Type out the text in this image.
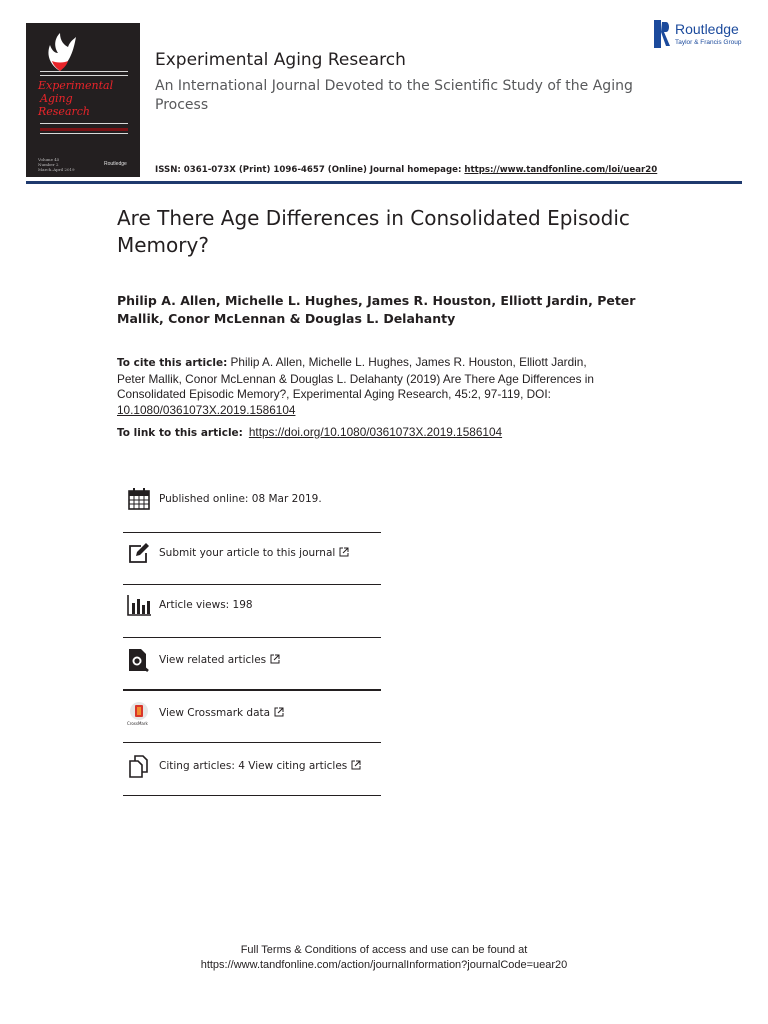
Experimental
Aging
Research
Volume 45
Number 2
March–April 2019
Routledge
Experimental Aging Research
An International Journal Devoted to the Scientific Study of the Aging Process
ISSN: 0361-073X (Print) 1096-4657 (Online) Journal homepage: https://www.tandfonline.com/loi/uear20
Routledge
Taylor & Francis Group
Are There Age Differences in Consolidated Episodic Memory?
Philip A. Allen, Michelle L. Hughes, James R. Houston, Elliott Jardin, Peter Mallik, Conor McLennan & Douglas L. Delahanty
To cite this article: Philip A. Allen, Michelle L. Hughes, James R. Houston, Elliott Jardin, Peter Mallik, Conor McLennan & Douglas L. Delahanty (2019) Are There Age Differences in Consolidated Episodic Memory?, Experimental Aging Research, 45:2, 97-119, DOI: 10.1080/0361073X.2019.1586104
To link to this article: https://doi.org/10.1080/0361073X.2019.1586104
Published online: 08 Mar 2019.
Submit your article to this journal
Article views: 198
View related articles
CrossMark
View Crossmark data
Citing articles: 4 View citing articles
Full Terms & Conditions of access and use can be found at
https://www.tandfonline.com/action/journalInformation?journalCode=uear20
